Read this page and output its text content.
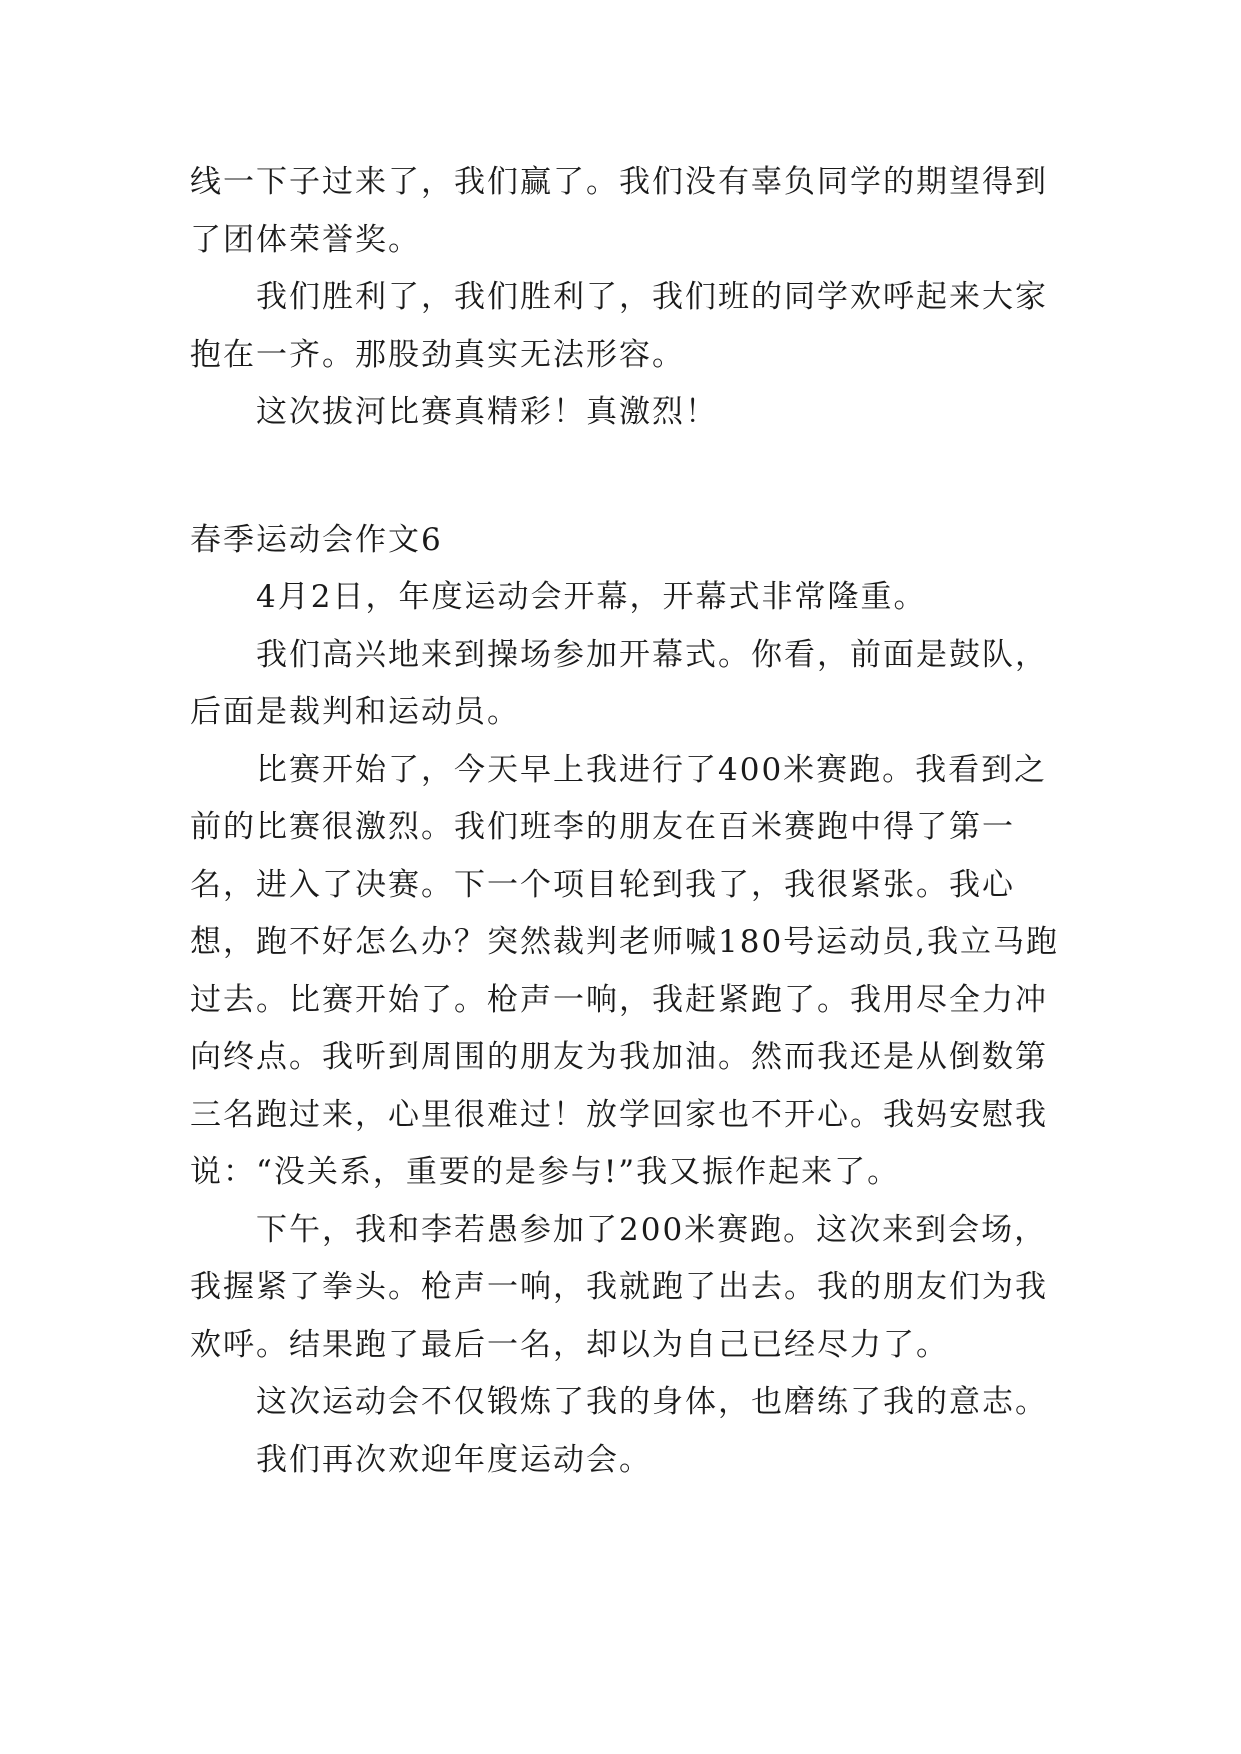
线一下子过来了，我们赢了。我们没有辜负同学的期望得到了团体荣誉奖。

我们胜利了，我们胜利了，我们班的同学欢呼起来大家抱在一齐。那股劲真实无法形容。

这次拔河比赛真精彩！真激烈！

春季运动会作文6

4月2日，年度运动会开幕，开幕式非常隆重。

我们高兴地来到操场参加开幕式。你看，前面是鼓队，后面是裁判和运动员。

比赛开始了，今天早上我进行了400米赛跑。我看到之前的比赛很激烈。我们班李的朋友在百米赛跑中得了第一名，进入了决赛。下一个项目轮到我了，我很紧张。我心想，跑不好怎么办？突然裁判老师喊180号运动员,我立马跑过去。比赛开始了。枪声一响，我赶紧跑了。我用尽全力冲向终点。我听到周围的朋友为我加油。然而我还是从倒数第三名跑过来，心里很难过！放学回家也不开心。我妈安慰我说：“没关系，重要的是参与!”我又振作起来了。

下午，我和李若愚参加了200米赛跑。这次来到会场，我握紧了拳头。枪声一响，我就跑了出去。我的朋友们为我欢呼。结果跑了最后一名，却以为自己已经尽力了。

这次运动会不仅锻炼了我的身体，也磨练了我的意志。

我们再次欢迎年度运动会。
